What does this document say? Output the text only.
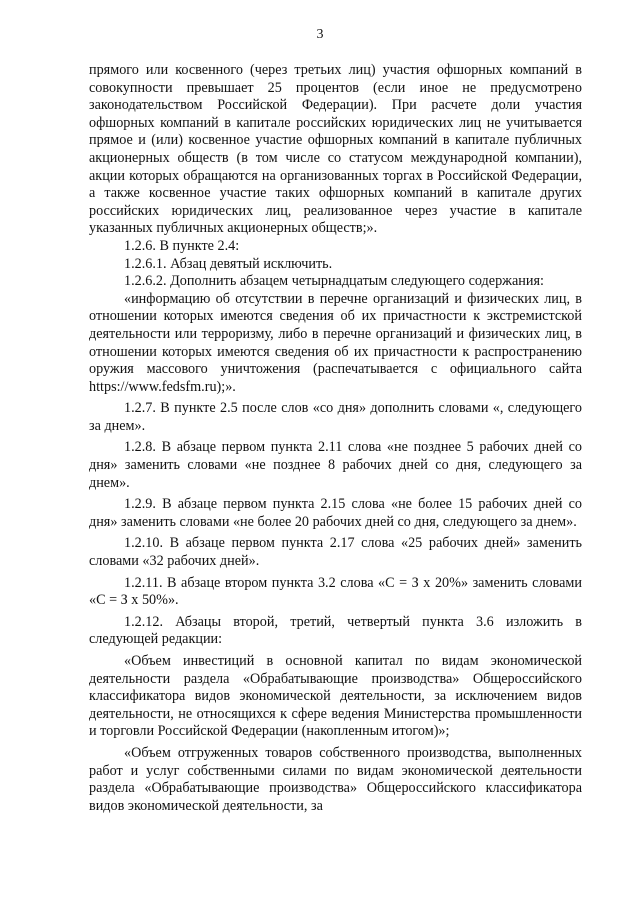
3

прямого или косвенного (через третьих лиц) участия офшорных компаний в совокупности превышает 25 процентов (если иное не предусмотрено законодательством Российской Федерации). При расчете доли участия офшорных компаний в капитале российских юридических лиц не учитывается прямое и (или) косвенное участие офшорных компаний в капитале публичных акционерных обществ (в том числе со статусом международной компании), акции которых обращаются на организованных торгах в Российской Федерации, а также косвенное участие таких офшорных компаний в капитале других российских юридических лиц, реализованное через участие в капитале указанных публичных акционерных обществ;».

1.2.6. В пункте 2.4:

1.2.6.1. Абзац девятый исключить.

1.2.6.2. Дополнить абзацем четырнадцатым следующего содержания:

«информацию об отсутствии в перечне организаций и физических лиц, в отношении которых имеются сведения об их причастности к экстремистской деятельности или терроризму, либо в перечне организаций и физических лиц, в отношении которых имеются сведения об их причастности к распространению оружия массового уничтожения (распечатывается с официального сайта https://www.fedsfm.ru);».

1.2.7. В пункте 2.5 после слов «со дня» дополнить словами «, следующего за днем».

1.2.8. В абзаце первом пункта 2.11 слова «не позднее 5 рабочих дней со дня» заменить словами «не позднее 8 рабочих дней со дня, следующего за днем».

1.2.9. В абзаце первом пункта 2.15 слова «не более 15 рабочих дней со дня» заменить словами «не более 20 рабочих дней со дня, следующего за днем».

1.2.10. В абзаце первом пункта 2.17 слова «25 рабочих дней» заменить словами «32 рабочих дней».

1.2.11. В абзаце втором пункта 3.2 слова «С = З х 20%» заменить словами «С = З х 50%».

1.2.12. Абзацы второй, третий, четвертый пункта 3.6 изложить в следующей редакции:

«Объем инвестиций в основной капитал по видам экономической деятельности раздела «Обрабатывающие производства» Общероссийского классификатора видов экономической деятельности, за исключением видов деятельности, не относящихся к сфере ведения Министерства промышленности и торговли Российской Федерации (накопленным итогом)»;

«Объем отгруженных товаров собственного производства, выполненных работ и услуг собственными силами по видам экономической деятельности раздела «Обрабатывающие производства» Общероссийского классификатора видов экономической деятельности, за
